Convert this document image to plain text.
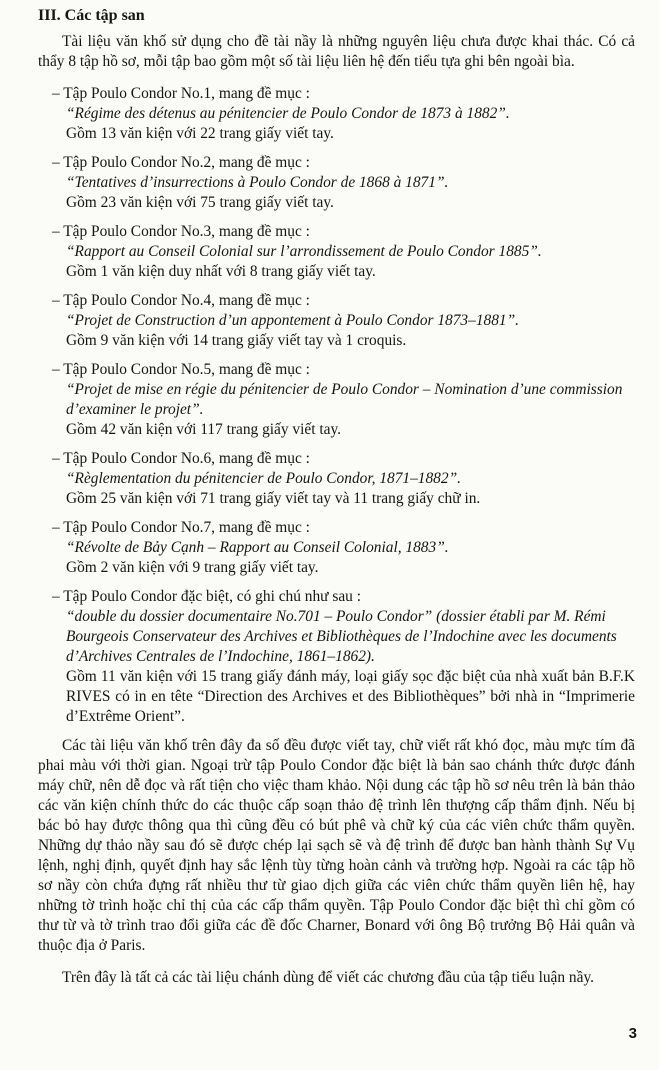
III. Các tập san

Tài liệu văn khố sử dụng cho đề tài nầy là những nguyên liệu chưa được khai thác. Có cả thẩy 8 tập hồ sơ, mỗi tập bao gồm một số tài liệu liên hệ đến tiểu tựa ghi bên ngoài bìa.

– Tập Poulo Condor No.1, mang đề mục :
“Régime des détenus au pénitencier de Poulo Condor de 1873 à 1882”.
Gồm 13 văn kiện với 22 trang giấy viết tay.
– Tập Poulo Condor No.2, mang đề mục :
“Tentatives d’insurrections à Poulo Condor de 1868 à 1871”.
Gồm 23 văn kiện với 75 trang giấy viết tay.
– Tập Poulo Condor No.3, mang đề mục :
“Rapport au Conseil Colonial sur l’arrondissement de Poulo Condor 1885”.
Gồm 1 văn kiện duy nhất với 8 trang giấy viết tay.
– Tập Poulo Condor No.4, mang đề mục :
“Projet de Construction d’un appontement à Poulo Condor 1873–1881”.
Gồm 9 văn kiện với 14 trang giấy viết tay và 1 croquis.
– Tập Poulo Condor No.5, mang đề mục :
“Projet de mise en régie du pénitencier de Poulo Condor – Nomination d’une commission d’examiner le projet”.
Gồm 42 văn kiện với 117 trang giấy viết tay.
– Tập Poulo Condor No.6, mang đề mục :
“Règlementation du pénitencier de Poulo Condor, 1871–1882”.
Gồm 25 văn kiện với 71 trang giấy viết tay và 11 trang giấy chữ in.
– Tập Poulo Condor No.7, mang đề mục :
“Révolte de Bảy Cạnh – Rapport au Conseil Colonial, 1883”.
Gồm 2 văn kiện với 9 trang giấy viết tay.
– Tập Poulo Condor đặc biệt, có ghi chú như sau :
“double du dossier documentaire No.701 – Poulo Condor” (dossier établi par M. Rémi Bourgeois Conservateur des Archives et Bibliothèques de l’Indochine avec les documents d’Archives Centrales de l’Indochine, 1861–1862).
Gồm 11 văn kiện với 15 trang giấy đánh máy, loại giấy sọc đặc biệt của nhà xuất bản B.F.K RIVES có in en tête “Direction des Archives et des Bibliothèques” bởi nhà in “Imprimerie d’Extrême Orient”.

Các tài liệu văn khố trên đây đa số đều được viết tay, chữ viết rất khó đọc, màu mực tím đã phai màu với thời gian. Ngoại trừ tập Poulo Condor đặc biệt là bản sao chánh thức được đánh máy chữ, nên dễ đọc và rất tiện cho việc tham khảo. Nội dung các tập hồ sơ nêu trên là bản thảo các văn kiện chính thức do các thuộc cấp soạn thảo đệ trình lên thượng cấp thẩm định. Nếu bị bác bỏ hay được thông qua thì cũng đều có bút phê và chữ ký của các viên chức thẩm quyền. Những dự thảo nầy sau đó sẽ được chép lại sạch sẽ và đệ trình để được ban hành thành Sự Vụ lệnh, nghị định, quyết định hay sắc lệnh tùy từng hoàn cảnh và trường hợp. Ngoài ra các tập hồ sơ nầy còn chứa đựng rất nhiều thư từ giao dịch giữa các viên chức thẩm quyền liên hệ, hay những tờ trình hoặc chỉ thị của các cấp thẩm quyền. Tập Poulo Condor đặc biệt thì chỉ gồm có thư từ và tờ trình trao đổi giữa các đề đốc Charner, Bonard với ông Bộ trưởng Bộ Hải quân và thuộc địa ở Paris.

Trên đây là tất cả các tài liệu chánh dùng để viết các chương đầu của tập tiểu luận nầy.

3
